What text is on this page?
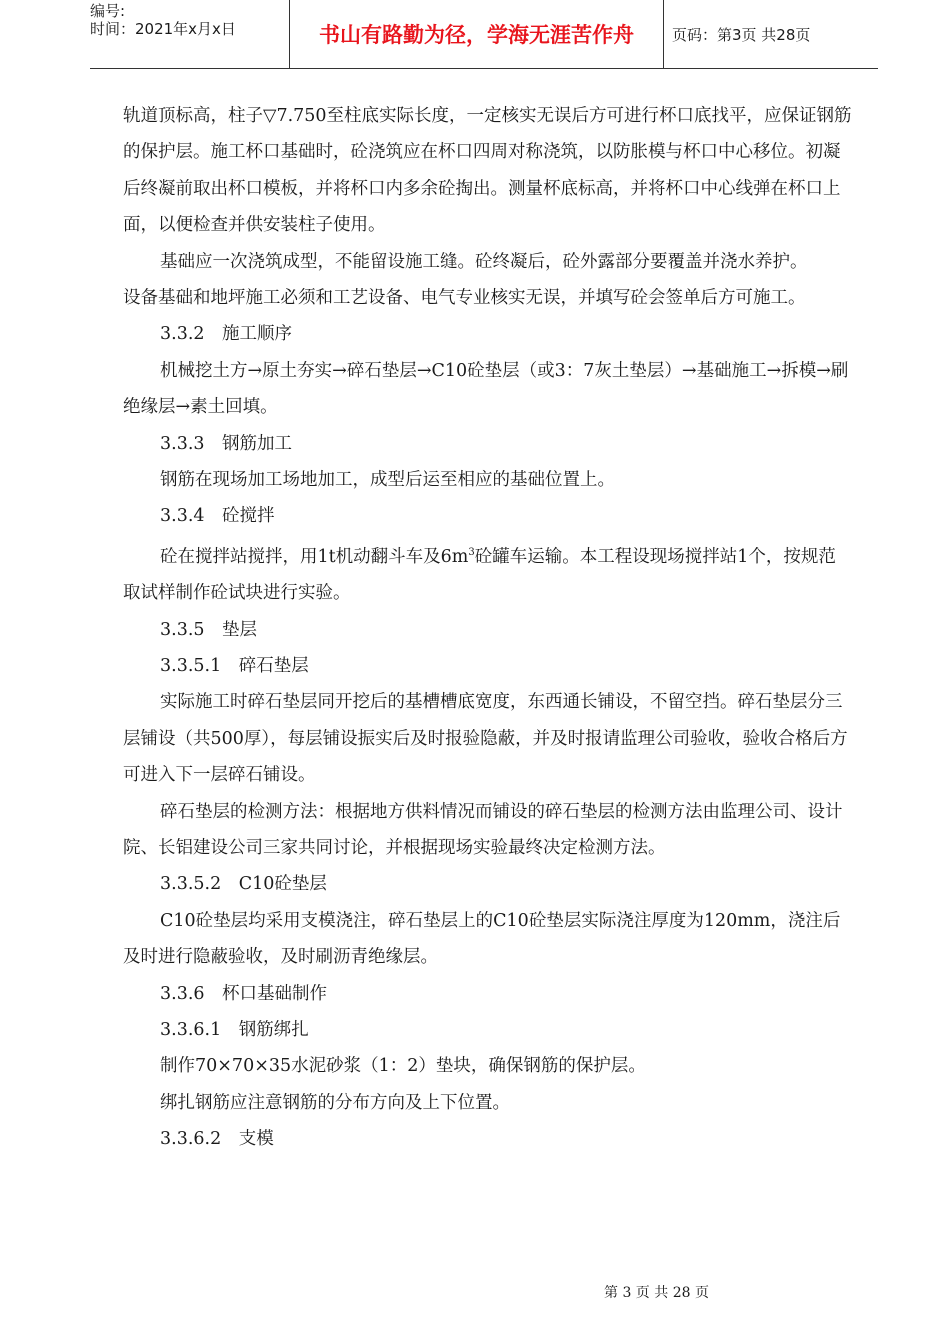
编号:
时间：2021年x月x日	书山有路勤为径，学海无涯苦作舟	页码：第3页 共28页

轨道顶标高，柱子▽7.750至柱底实际长度，一定核实无误后方可进行杯口底找平，应保证钢筋的保护层。施工杯口基础时，砼浇筑应在杯口四周对称浇筑，以防胀模与杯口中心移位。初凝后终凝前取出杯口模板，并将杯口内多余砼掏出。测量杯底标高，并将杯口中心线弹在杯口上面，以便检查并供安装柱子使用。

基础应一次浇筑成型，不能留设施工缝。砼终凝后，砼外露部分要覆盖并浇水养护。

设备基础和地坪施工必须和工艺设备、电气专业核实无误，并填写砼会签单后方可施工。

3.3.2　施工顺序

机械挖土方→原土夯实→碎石垫层→C10砼垫层（或3：7灰土垫层）→基础施工→拆模→刷绝缘层→素土回填。

3.3.3　钢筋加工

钢筋在现场加工场地加工，成型后运至相应的基础位置上。

3.3.4　砼搅拌

砼在搅拌站搅拌，用1t机动翻斗车及$6m^3$砼罐车运输。本工程设现场搅拌站1个，按规范取试样制作砼试块进行实验。

3.3.5　垫层

3.3.5.1　碎石垫层

实际施工时碎石垫层同开挖后的基槽槽底宽度，东西通长铺设，不留空挡。碎石垫层分三层铺设（共500厚），每层铺设振实后及时报验隐蔽，并及时报请监理公司验收，验收合格后方可进入下一层碎石铺设。

碎石垫层的检测方法：根据地方供料情况而铺设的碎石垫层的检测方法由监理公司、设计院、长铝建设公司三家共同讨论，并根据现场实验最终决定检测方法。

3.3.5.2　C10砼垫层

C10砼垫层均采用支模浇注，碎石垫层上的C10砼垫层实际浇注厚度为120mm，浇注后及时进行隐蔽验收，及时刷沥青绝缘层。

3.3.6　杯口基础制作

3.3.6.1　钢筋绑扎

制作70×70×35水泥砂浆（1：2）垫块，确保钢筋的保护层。

绑扎钢筋应注意钢筋的分布方向及上下位置。

3.3.6.2　支模

第 3 页 共 28 页
